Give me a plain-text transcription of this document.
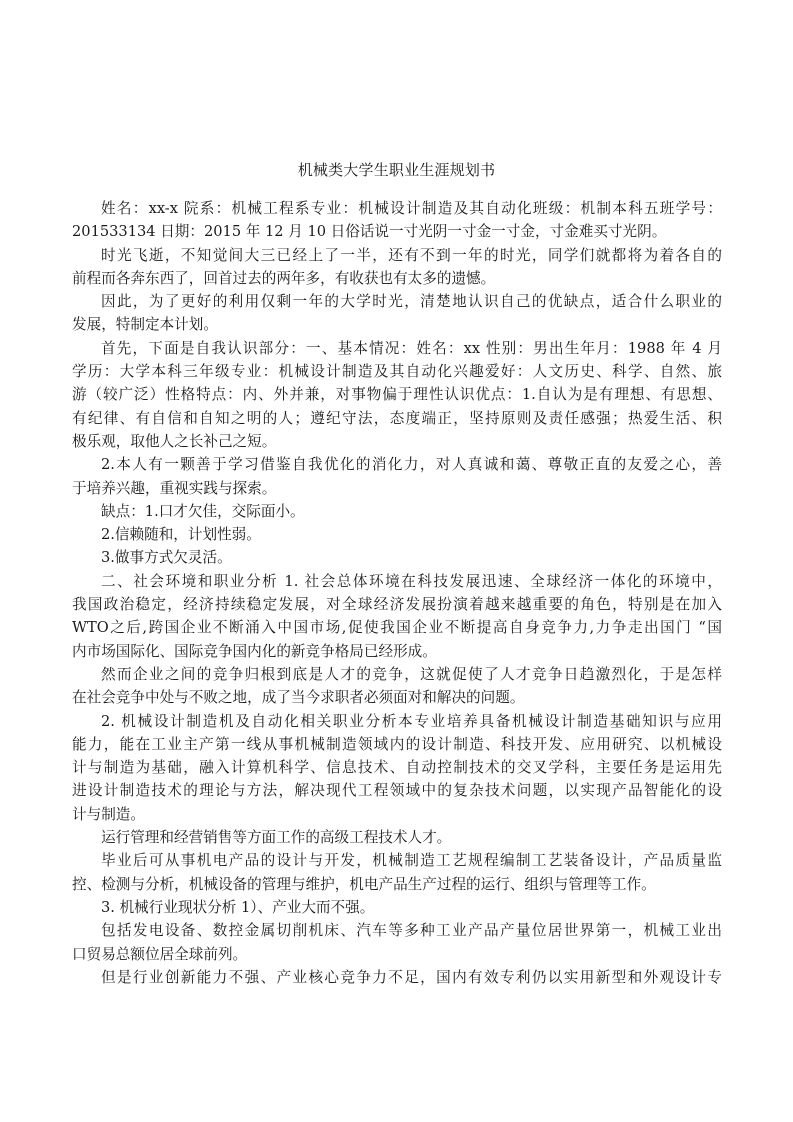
机械类大学生职业生涯规划书
姓名：xx-x 院系：机械工程系专业：机械设计制造及其自动化班级：机制本科五班学号：
201533134 日期：2015 年 12 月 10 日俗话说一寸光阴一寸金一寸金，寸金难买寸光阴。
时光飞逝，不知觉间大三已经上了一半，还有不到一年的时光，同学们就都将为着各自的
前程而各奔东西了，回首过去的两年多，有收获也有太多的遗憾。
因此，为了更好的利用仅剩一年的大学时光，清楚地认识自己的优缺点，适合什么职业的
发展，特制定本计划。
首先，下面是自我认识部分：一、基本情况：姓名：xx 性别：男出生年月：1988 年 4 月
学历：大学本科三年级专业：机械设计制造及其自动化兴趣爱好：人文历史、科学、自然、旅
游（较广泛）性格特点：内、外并兼，对事物偏于理性认识优点：1.自认为是有理想、有思想、
有纪律、有自信和自知之明的人；遵纪守法，态度端正，坚持原则及责任感强；热爱生活、积
极乐观，取他人之长补己之短。
2.本人有一颗善于学习借鉴自我优化的消化力，对人真诚和蔼、尊敬正直的友爱之心，善
于培养兴趣，重视实践与探索。
缺点：1.口才欠佳，交际面小。
2.信赖随和，计划性弱。
3.做事方式欠灵活。
二、社会环境和职业分析 1. 社会总体环境在科技发展迅速、全球经济一体化的环境中，
我国政治稳定，经济持续稳定发展，对全球经济发展扮演着越来越重要的角色，特别是在加入
WTO之后,跨国企业不断涌入中国市场,促使我国企业不断提高自身竞争力,力争走出国门 “国
内市场国际化、国际竞争国内化的新竞争格局已经形成。
然而企业之间的竞争归根到底是人才的竞争，这就促使了人才竞争日趋激烈化，于是怎样
在社会竞争中处与不败之地，成了当今求职者必须面对和解决的问题。
2. 机械设计制造机及自动化相关职业分析本专业培养具备机械设计制造基础知识与应用
能力，能在工业主产第一线从事机械制造领域内的设计制造、科技开发、应用研究、以机械设
计与制造为基础，融入计算机科学、信息技术、自动控制技术的交叉学科，主要任务是运用先
进设计制造技术的理论与方法，解决现代工程领域中的复杂技术问题，以实现产品智能化的设
计与制造。
运行管理和经营销售等方面工作的高级工程技术人才。
毕业后可从事机电产品的设计与开发，机械制造工艺规程编制工艺装备设计，产品质量监
控、检测与分析，机械设备的管理与维护，机电产品生产过程的运行、组织与管理等工作。
3. 机械行业现状分析 1）、产业大而不强。
包括发电设备、数控金属切削机床、汽车等多种工业产品产量位居世界第一，机械工业出
口贸易总额位居全球前列。
但是行业创新能力不强、产业核心竞争力不足，国内有效专利仍以实用新型和外观设计专
